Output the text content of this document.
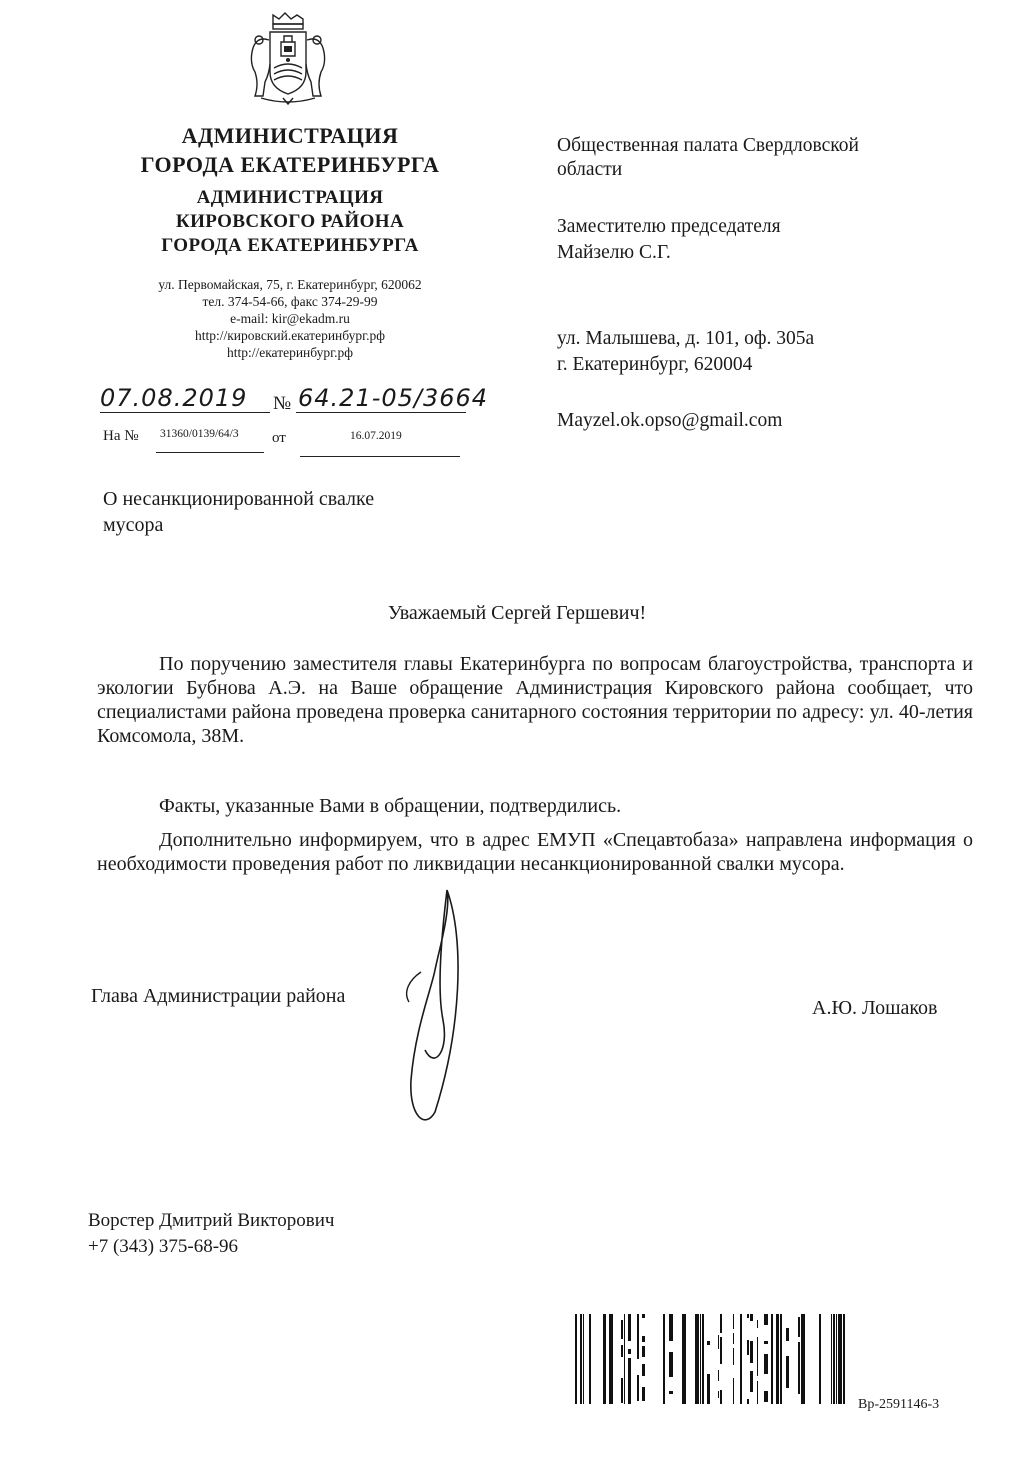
АДМИНИСТРАЦИЯ
ГОРОДА ЕКАТЕРИНБУРГА
АДМИНИСТРАЦИЯ
КИРОВСКОГО РАЙОНА
ГОРОДА ЕКАТЕРИНБУРГА
ул. Первомайская, 75, г. Екатеринбург, 620062
тел. 374-54-66, факс 374-29-99
e-mail: kir@ekadm.ru
http://кировский.екатеринбург.рф
http://екатеринбург.рф
07.08.2019 № 64.21-05/3664
На № 31360/0139/64/3 от	16.07.2019
Общественная палата Свердловской
области
Заместителю председателя
Майзелю С.Г.
ул. Малышева, д. 101, оф. 305а
г. Екатеринбург, 620004
Mayzel.ok.opso@gmail.com
О несанкционированной свалке
мусора
Уважаемый Сергей Гершевич!
По поручению заместителя главы Екатеринбурга по вопросам благоустройства, транспорта и экологии Бубнова А.Э. на Ваше обращение Администрация Кировского района сообщает, что специалистами района проведена проверка санитарного состояния территории по адресу: ул. 40-летия Комсомола, 38М.
Факты, указанные Вами в обращении, подтвердились.
Дополнительно информируем, что в адрес ЕМУП «Спецавтобаза» направлена информация о необходимости проведения работ по ликвидации несанкционированной свалки мусора.
Глава Администрации района
А.Ю. Лошаков
Ворстер Дмитрий Викторович
+7 (343) 375-68-96
Вр-2591146-3
